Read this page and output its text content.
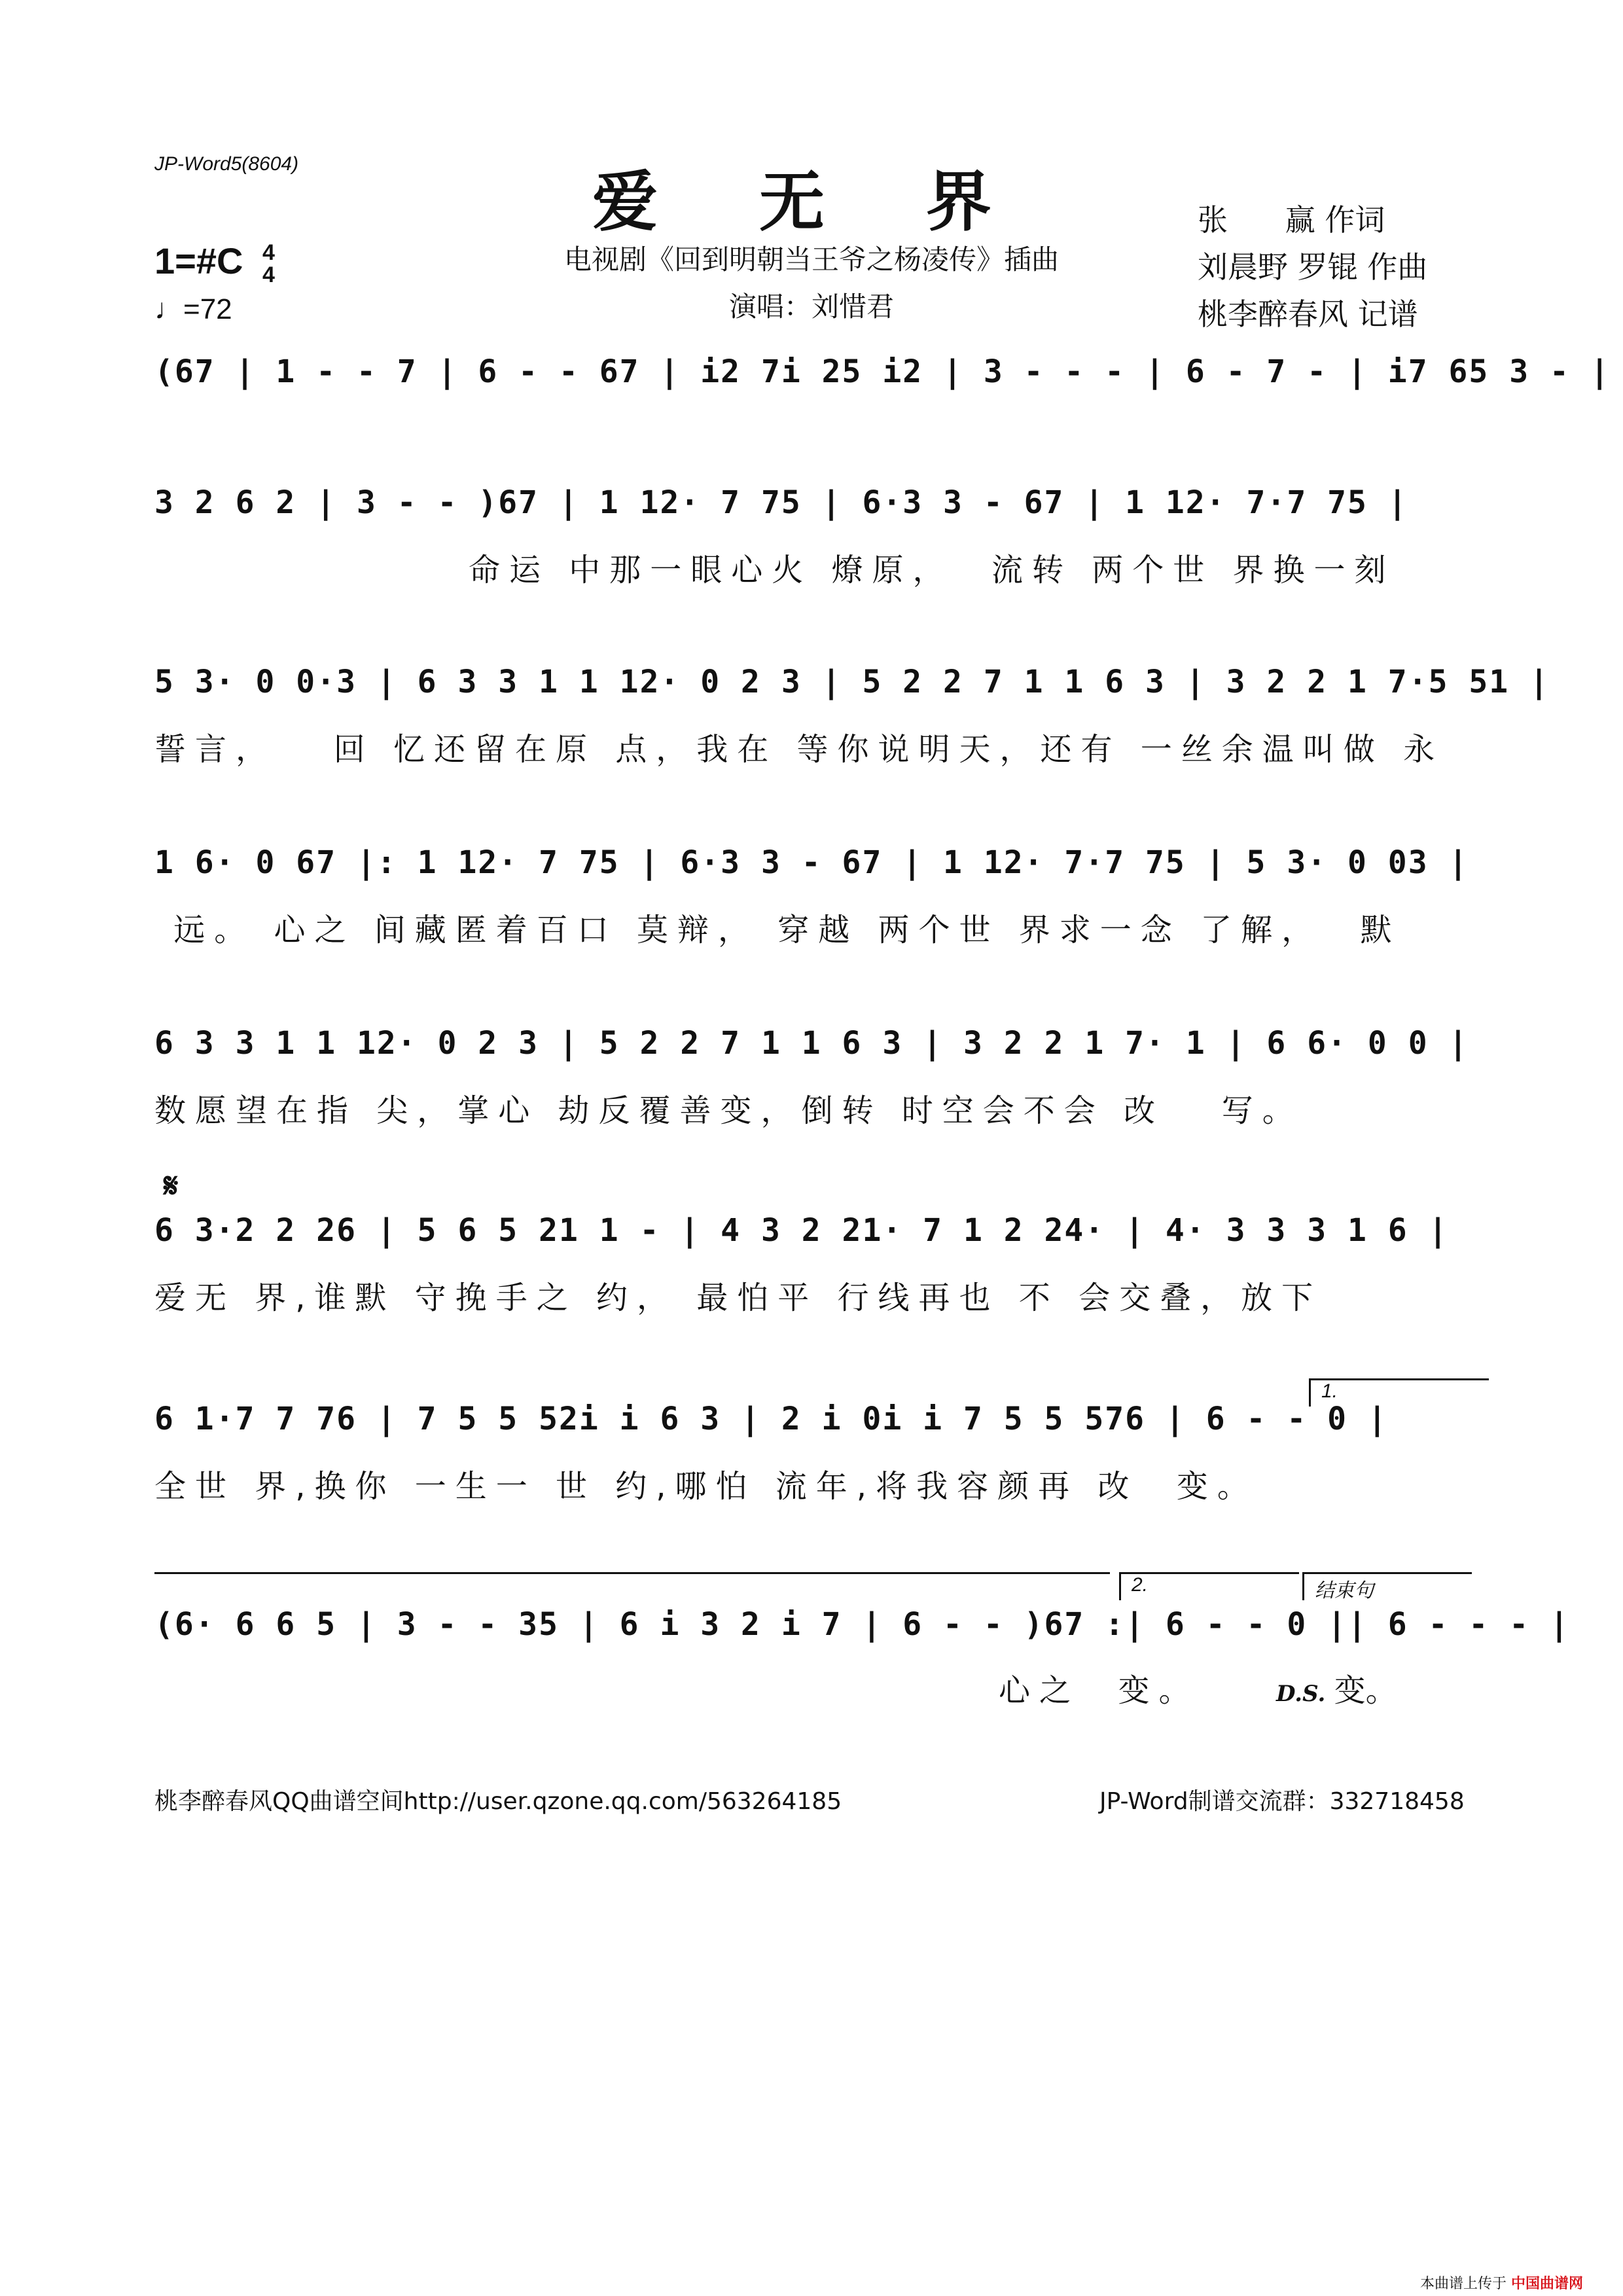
JP-Word5(8604)	爱 无 界
电视剧《回到明朝当王爷之杨凌传》插曲
演唱：刘惜君
张      赢 作词
刘晨野 罗锟 作曲
桃李醉春风 记谱
1=#C 4
4
♩=72
(67 | 1 - - 7 | 6 - - 67 | i2 7i 25 i2 | 3 - - - | 6 - 7 - | i7 65 3 - |
3 2 6 2 | 3 - - )67 | 1 12· 7 75 | 6·3 3 - 67 | 1 12· 7·7 75 |
命运 中那一眼心火 燎原，  流转 两个世 界换一刻
5 3· 0 0·3 | 6 3 3 1 1 12· 0 2 3 | 5 2 2 7 1 1 6 3 | 3 2 2 1 7·5 51 |
誓言，   回 忆还留在原 点，我在 等你说明天，还有 一丝余温叫做 永
1 6· 0 67 |: 1 12· 7 75 | 6·3 3 - 67 | 1 12· 7·7 75 | 5 3· 0 03 |
远。 心之 间藏匿着百口 莫辩， 穿越 两个世 界求一念 了解，  默
6 3 3 1 1 12· 0 2 3 | 5 2 2 7 1 1 6 3 | 3 2 2 1 7· 1 | 6 6· 0 0 |
数愿望在指 尖，掌心 劫反覆善变，倒转 时空会不会 改   写。
𝄋
6 3·2 2 26 | 5 6 5 21 1 - | 4 3 2 21· 7 1 2 24· | 4· 3 3 3 1 6 |
爱无 界,谁默 守挽手之 约， 最怕平 行线再也 不 会交叠，放下
1.
6 1·7 7 76 | 7 5 5 52i i 6 3 | 2 i 0i i 7 5 5 576 | 6 - - 0 |
全世 界,换你 一生一 世 约,哪怕 流年,将我容颜再 改  变。
2.	结束句
(6· 6 6 5 | 3 - - 35 | 6 i 3 2 i 7 | 6 - - )67 :| 6 - - 0 || 6 - - - |
心之  变。	D.S. 变。
桃李醉春风QQ曲谱空间http://user.qzone.qq.com/563264185	JP-Word制谱交流群：332718458
本曲谱上传于 中国曲谱网
